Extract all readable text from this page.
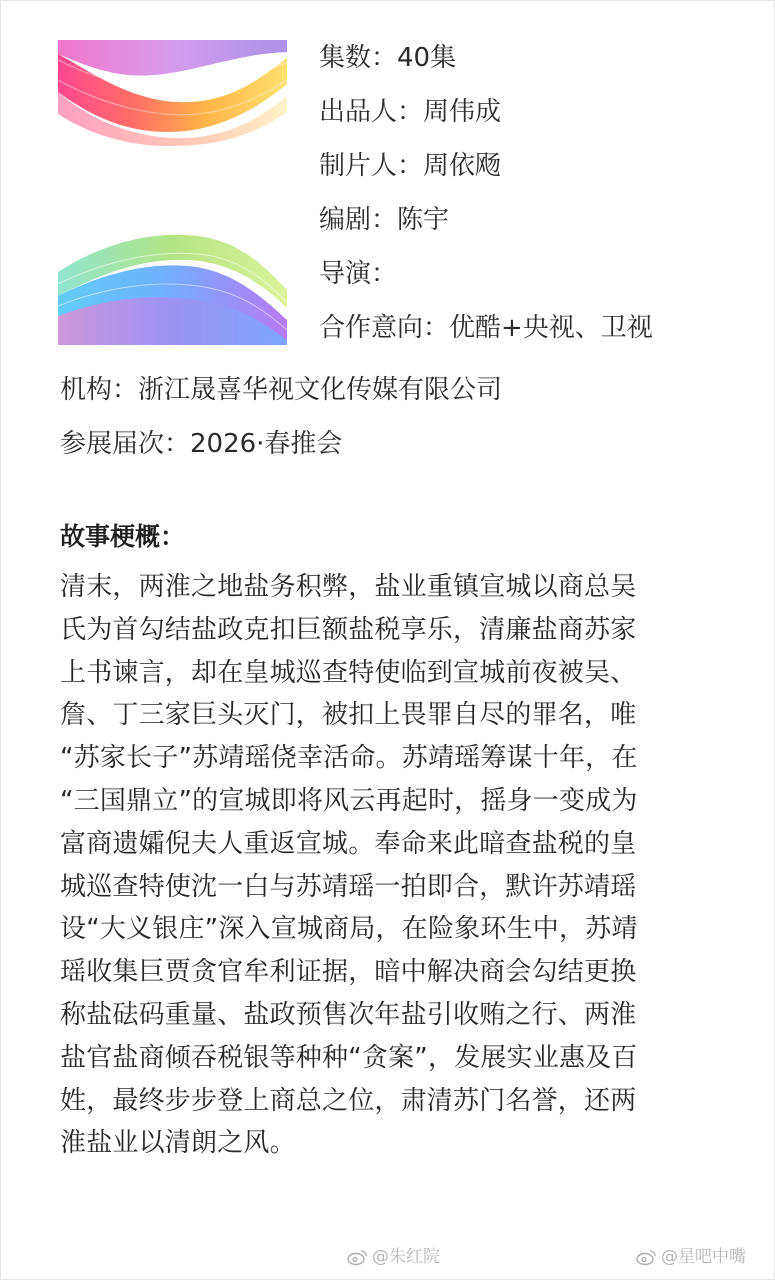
集数：40集
出品人：周伟成
制片人：周依飏
编剧：陈宇
导演：
合作意向：优酷+央视、卫视
机构：浙江晟喜华视文化传媒有限公司
参展届次：2026·春推会
故事梗概：
清末，两淮之地盐务积弊，盐业重镇宣城以商总吴
氏为首勾结盐政克扣巨额盐税享乐，清廉盐商苏家
上书谏言，却在皇城巡查特使临到宣城前夜被吴、
詹、丁三家巨头灭门，被扣上畏罪自尽的罪名，唯
“苏家长子”苏靖瑶侥幸活命。苏靖瑶筹谋十年，在
“三国鼎立”的宣城即将风云再起时，摇身一变成为
富商遗孀倪夫人重返宣城。奉命来此暗查盐税的皇
城巡查特使沈一白与苏靖瑶一拍即合，默许苏靖瑶
设“大义银庄”深入宣城商局，在险象环生中，苏靖
瑶收集巨贾贪官牟利证据，暗中解决商会勾结更换
称盐砝码重量、盐政预售次年盐引收贿之行、两淮
盐官盐商倾吞税银等种种“贪案”，发展实业惠及百
姓，最终步步登上商总之位，肃清苏门名誉，还两
淮盐业以清朗之风。
@朱红院	@星吧中嘴
